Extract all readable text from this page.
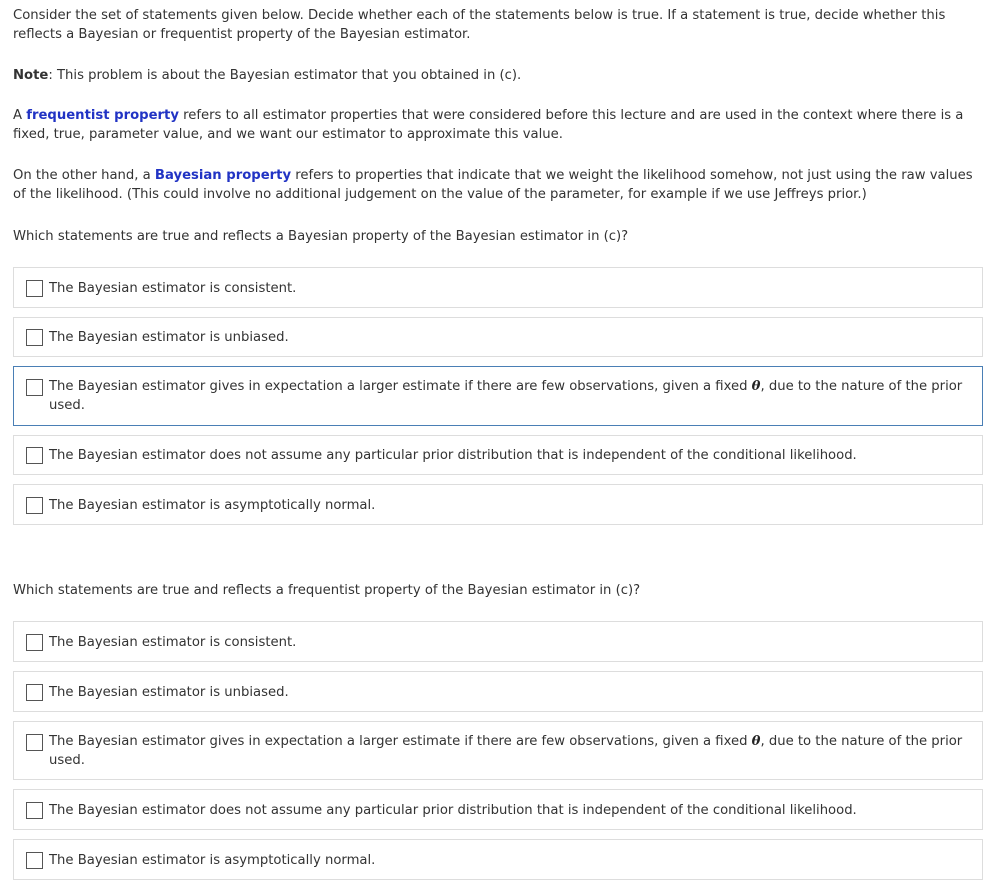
Consider the set of statements given below. Decide whether each of the statements below is true. If a statement is true, decide whether this reflects a Bayesian or frequentist property of the Bayesian estimator.

Note: This problem is about the Bayesian estimator that you obtained in (c).

A frequentist property refers to all estimator properties that were considered before this lecture and are used in the context where there is a fixed, true, parameter value, and we want our estimator to approximate this value.

On the other hand, a Bayesian property refers to properties that indicate that we weight the likelihood somehow, not just using the raw values of the likelihood. (This could involve no additional judgement on the value of the parameter, for example if we use Jeffreys prior.)

Which statements are true and reflects a Bayesian property of the Bayesian estimator in (c)?

The Bayesian estimator is consistent.
The Bayesian estimator is unbiased.
The Bayesian estimator gives in expectation a larger estimate if there are few observations, given a fixed θ, due to the nature of the prior used.
The Bayesian estimator does not assume any particular prior distribution that is independent of the conditional likelihood.
The Bayesian estimator is asymptotically normal.

Which statements are true and reflects a frequentist property of the Bayesian estimator in (c)?

The Bayesian estimator is consistent.
The Bayesian estimator is unbiased.
The Bayesian estimator gives in expectation a larger estimate if there are few observations, given a fixed θ, due to the nature of the prior used.
The Bayesian estimator does not assume any particular prior distribution that is independent of the conditional likelihood.
The Bayesian estimator is asymptotically normal.
